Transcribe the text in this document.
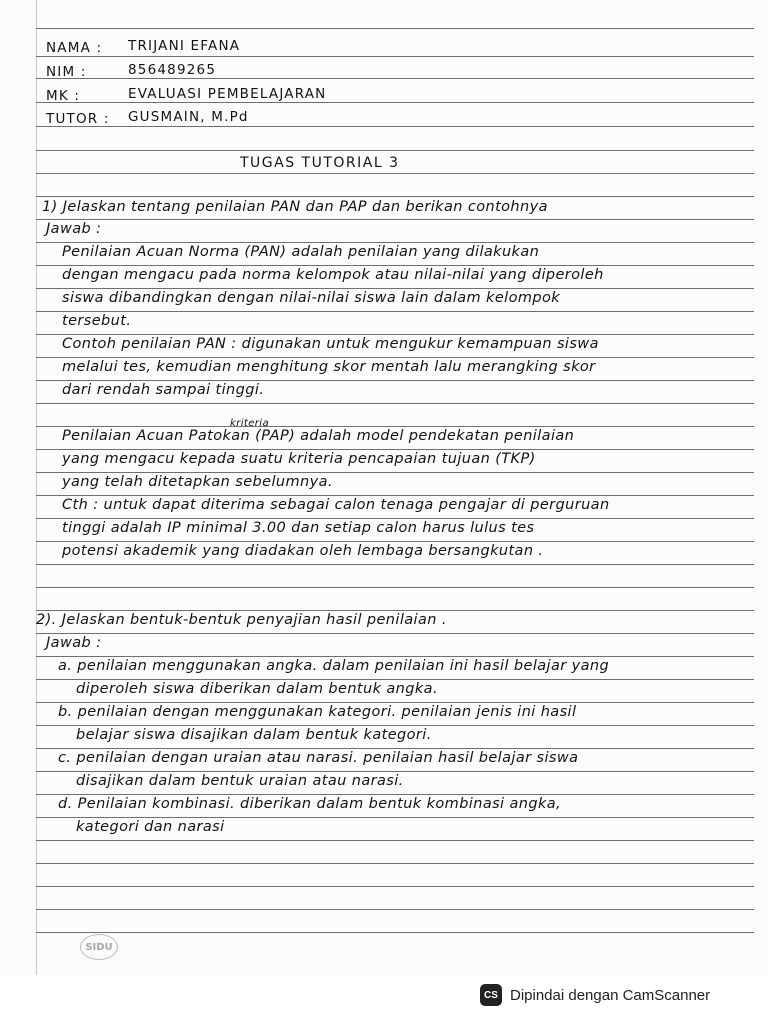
NAMA : TRIJANI EFANA
NIM :	856489265
MK :	EVALUASI PEMBELAJARAN
TUTOR : GUSMAIN, M.Pd
TUGAS TUTORIAL 3
1) Jelaskan tentang penilaian PAN dan PAP dan berikan contohnya
Jawab :
Penilaian Acuan Norma (PAN) adalah penilaian yang dilakukan
dengan mengacu pada norma kelompok atau nilai-nilai yang diperoleh
siswa dibandingkan dengan nilai-nilai siswa lain dalam kelompok
tersebut.
Contoh penilaian PAN : digunakan untuk mengukur kemampuan siswa
melalui tes, kemudian menghitung skor mentah lalu merangking skor
dari rendah sampai tinggi.
kriteria
Penilaian Acuan Patokan (PAP) adalah model pendekatan penilaian
yang mengacu kepada suatu kriteria pencapaian tujuan (TKP)
yang telah ditetapkan sebelumnya.
Cth : untuk dapat diterima sebagai calon tenaga pengajar di perguruan
tinggi adalah IP minimal 3.00 dan setiap calon harus lulus tes
potensi akademik yang diadakan oleh lembaga bersangkutan .
2). Jelaskan bentuk-bentuk penyajian hasil penilaian .
Jawab :
a. penilaian menggunakan angka. dalam penilaian ini hasil belajar yang
diperoleh siswa diberikan dalam bentuk angka.
b. penilaian dengan menggunakan kategori. penilaian jenis ini hasil
belajar siswa disajikan dalam bentuk kategori.
c. penilaian dengan uraian atau narasi. penilaian hasil belajar siswa
disajikan dalam bentuk uraian atau narasi.
d. Penilaian kombinasi. diberikan dalam bentuk kombinasi angka,
kategori dan narasi
SIDU
CS Dipindai dengan CamScanner
